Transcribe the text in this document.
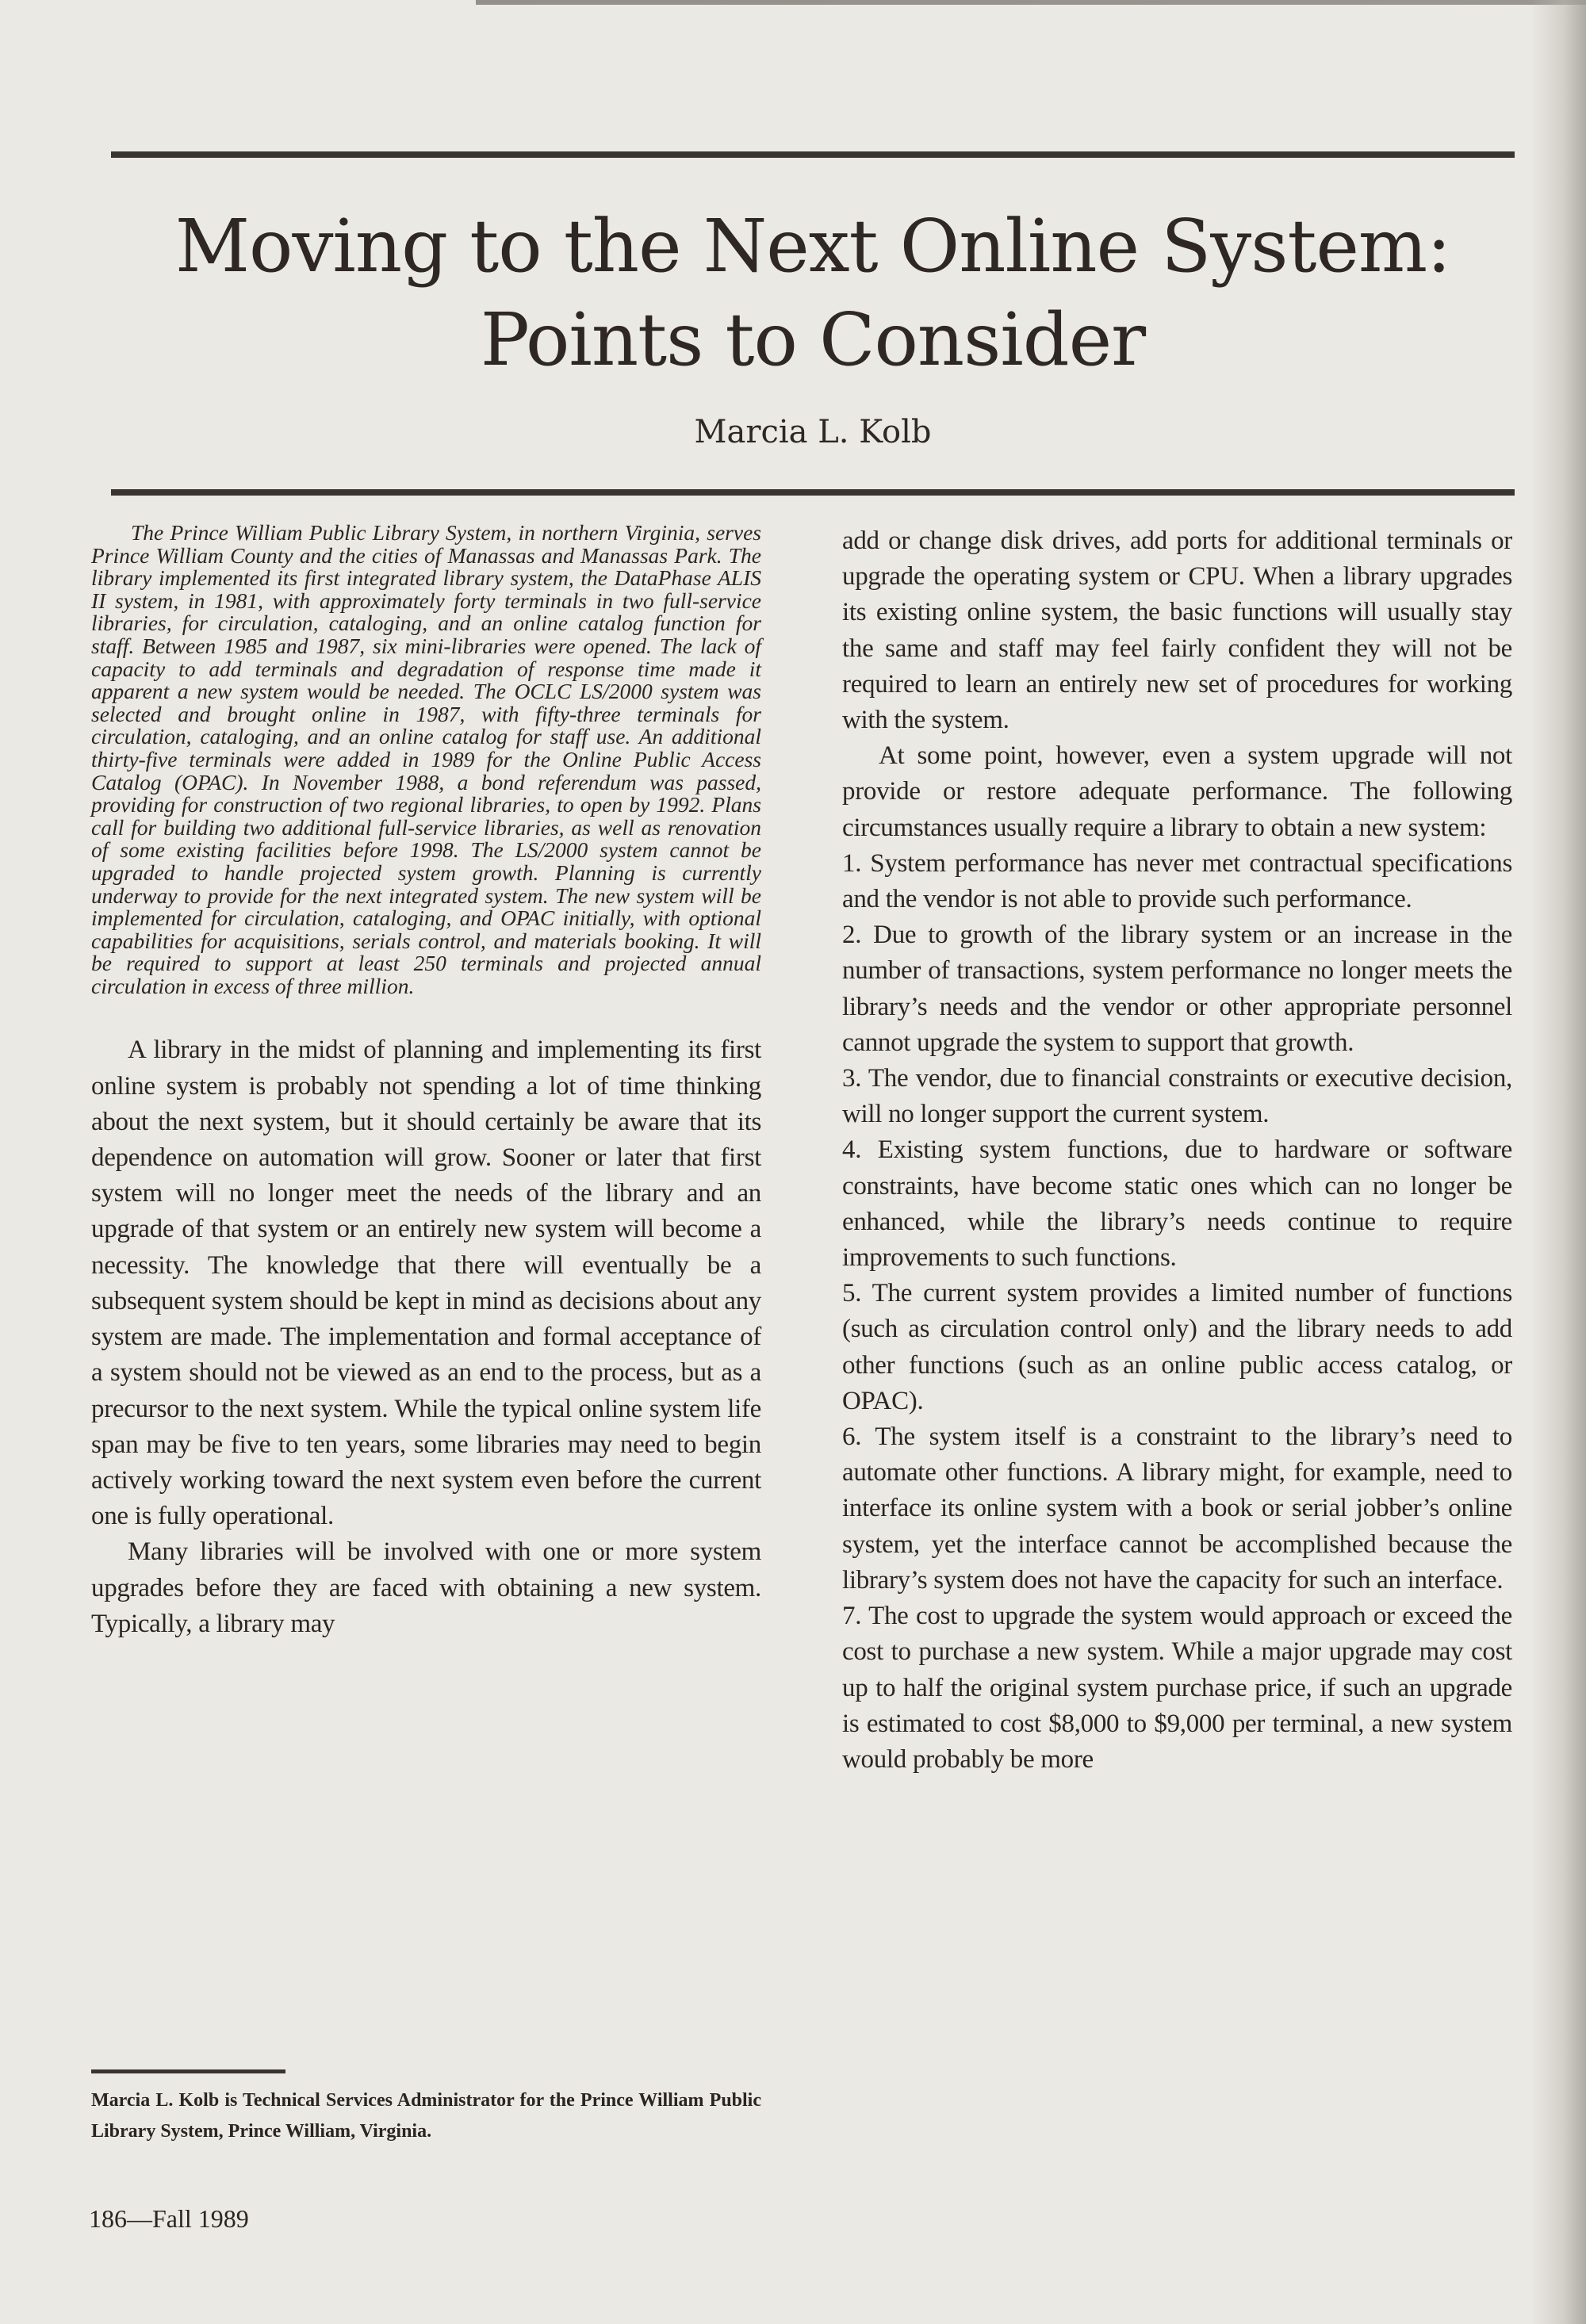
Moving to the Next Online System:
Points to Consider
Marcia L. Kolb

The Prince William Public Library System, in northern Virginia, serves Prince William County and the cities of Manassas and Manassas Park. The library implemented its first integrated library system, the DataPhase ALIS II system, in 1981, with approximately forty terminals in two full-service libraries, for circulation, cataloging, and an online catalog function for staff. Between 1985 and 1987, six mini-libraries were opened. The lack of capacity to add terminals and degradation of response time made it apparent a new system would be needed. The OCLC LS/2000 system was selected and brought online in 1987, with fifty-three terminals for circulation, cataloging, and an online catalog for staff use. An additional thirty-five terminals were added in 1989 for the Online Public Access Catalog (OPAC). In November 1988, a bond referendum was passed, providing for construction of two regional libraries, to open by 1992. Plans call for building two additional full-service libraries, as well as renovation of some existing facilities before 1998. The LS/2000 system cannot be upgraded to handle projected system growth. Planning is currently underway to provide for the next integrated system. The new system will be implemented for circulation, cataloging, and OPAC initially, with optional capabilities for acquisitions, serials control, and materials booking. It will be required to support at least 250 terminals and projected annual circulation in excess of three million.

A library in the midst of planning and implementing its first online system is probably not spending a lot of time thinking about the next system, but it should certainly be aware that its dependence on automation will grow. Sooner or later that first system will no longer meet the needs of the library and an upgrade of that system or an entirely new system will become a necessity. The knowledge that there will eventually be a subsequent system should be kept in mind as decisions about any system are made. The implementation and formal acceptance of a system should not be viewed as an end to the process, but as a precursor to the next system. While the typical online system life span may be five to ten years, some libraries may need to begin actively working toward the next system even before the current one is fully operational.

Many libraries will be involved with one or more system upgrades before they are faced with obtaining a new system. Typically, a library may

Marcia L. Kolb is Technical Services Administrator for the Prince William Public Library System, Prince William, Virginia.

186—Fall 1989

add or change disk drives, add ports for additional terminals or upgrade the operating system or CPU. When a library upgrades its existing online system, the basic functions will usually stay the same and staff may feel fairly confident they will not be required to learn an entirely new set of procedures for working with the system.

At some point, however, even a system upgrade will not provide or restore adequate performance. The following circumstances usually require a library to obtain a new system:

1. System performance has never met contractual specifications and the vendor is not able to provide such performance.

2. Due to growth of the library system or an increase in the number of transactions, system performance no longer meets the library’s needs and the vendor or other appropriate personnel cannot upgrade the system to support that growth.

3. The vendor, due to financial constraints or executive decision, will no longer support the current system.

4. Existing system functions, due to hardware or software constraints, have become static ones which can no longer be enhanced, while the library’s needs continue to require improvements to such functions.

5. The current system provides a limited number of functions (such as circulation control only) and the library needs to add other functions (such as an online public access catalog, or OPAC).

6. The system itself is a constraint to the library’s need to automate other functions. A library might, for example, need to interface its online system with a book or serial jobber’s online system, yet the interface cannot be accomplished because the library’s system does not have the capacity for such an interface.

7. The cost to upgrade the system would approach or exceed the cost to purchase a new system. While a major upgrade may cost up to half the original system purchase price, if such an upgrade is estimated to cost $8,000 to $9,000 per terminal, a new system would probably be more
